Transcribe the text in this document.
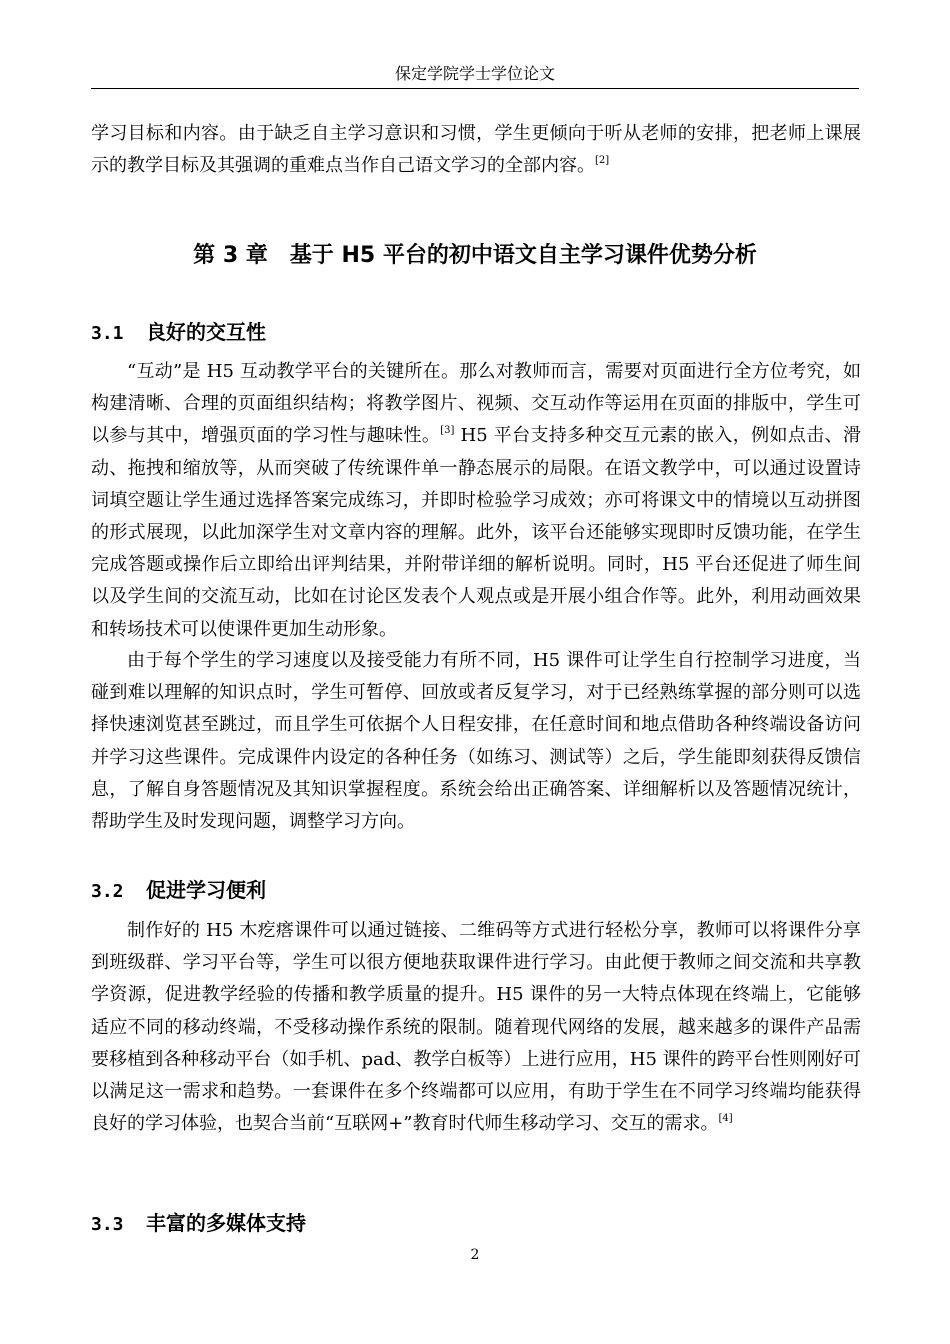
保定学院学士学位论文

学习目标和内容。由于缺乏自主学习意识和习惯，学生更倾向于听从老师的安排，把老师上课展示的教学目标及其强调的重难点当作自己语文学习的全部内容。[2]

第 3 章　基于 H5 平台的初中语文自主学习课件优势分析
3.1 良好的交互性

“互动”是 H5 互动教学平台的关键所在。那么对教师而言，需要对页面进行全方位考究，如构建清晰、合理的页面组织结构；将教学图片、视频、交互动作等运用在页面的排版中，学生可以参与其中，增强页面的学习性与趣味性。[3] H5 平台支持多种交互元素的嵌入，例如点击、滑动、拖拽和缩放等，从而突破了传统课件单一静态展示的局限。在语文教学中，可以通过设置诗词填空题让学生通过选择答案完成练习，并即时检验学习成效；亦可将课文中的情境以互动拼图的形式展现，以此加深学生对文章内容的理解。此外，该平台还能够实现即时反馈功能，在学生完成答题或操作后立即给出评判结果，并附带详细的解析说明。同时，H5 平台还促进了师生间以及学生间的交流互动，比如在讨论区发表个人观点或是开展小组合作等。此外，利用动画效果和转场技术可以使课件更加生动形象。

由于每个学生的学习速度以及接受能力有所不同，H5 课件可让学生自行控制学习进度，当碰到难以理解的知识点时，学生可暂停、回放或者反复学习，对于已经熟练掌握的部分则可以选择快速浏览甚至跳过，而且学生可依据个人日程安排，在任意时间和地点借助各种终端设备访问并学习这些课件。完成课件内设定的各种任务（如练习、测试等）之后，学生能即刻获得反馈信息，了解自身答题情况及其知识掌握程度。系统会给出正确答案、详细解析以及答题情况统计，帮助学生及时发现问题，调整学习方向。

3.2 促进学习便利

制作好的 H5 木疙瘩课件可以通过链接、二维码等方式进行轻松分享，教师可以将课件分享到班级群、学习平台等，学生可以很方便地获取课件进行学习。由此便于教师之间交流和共享教学资源，促进教学经验的传播和教学质量的提升。H5 课件的另一大特点体现在终端上，它能够适应不同的移动终端，不受移动操作系统的限制。随着现代网络的发展，越来越多的课件产品需要移植到各种移动平台（如手机、pad、教学白板等）上进行应用，H5 课件的跨平台性则刚好可以满足这一需求和趋势。一套课件在多个终端都可以应用，有助于学生在不同学习终端均能获得良好的学习体验，也契合当前“互联网+”教育时代师生移动学习、交互的需求。[4]

3.3 丰富的多媒体支持
2
